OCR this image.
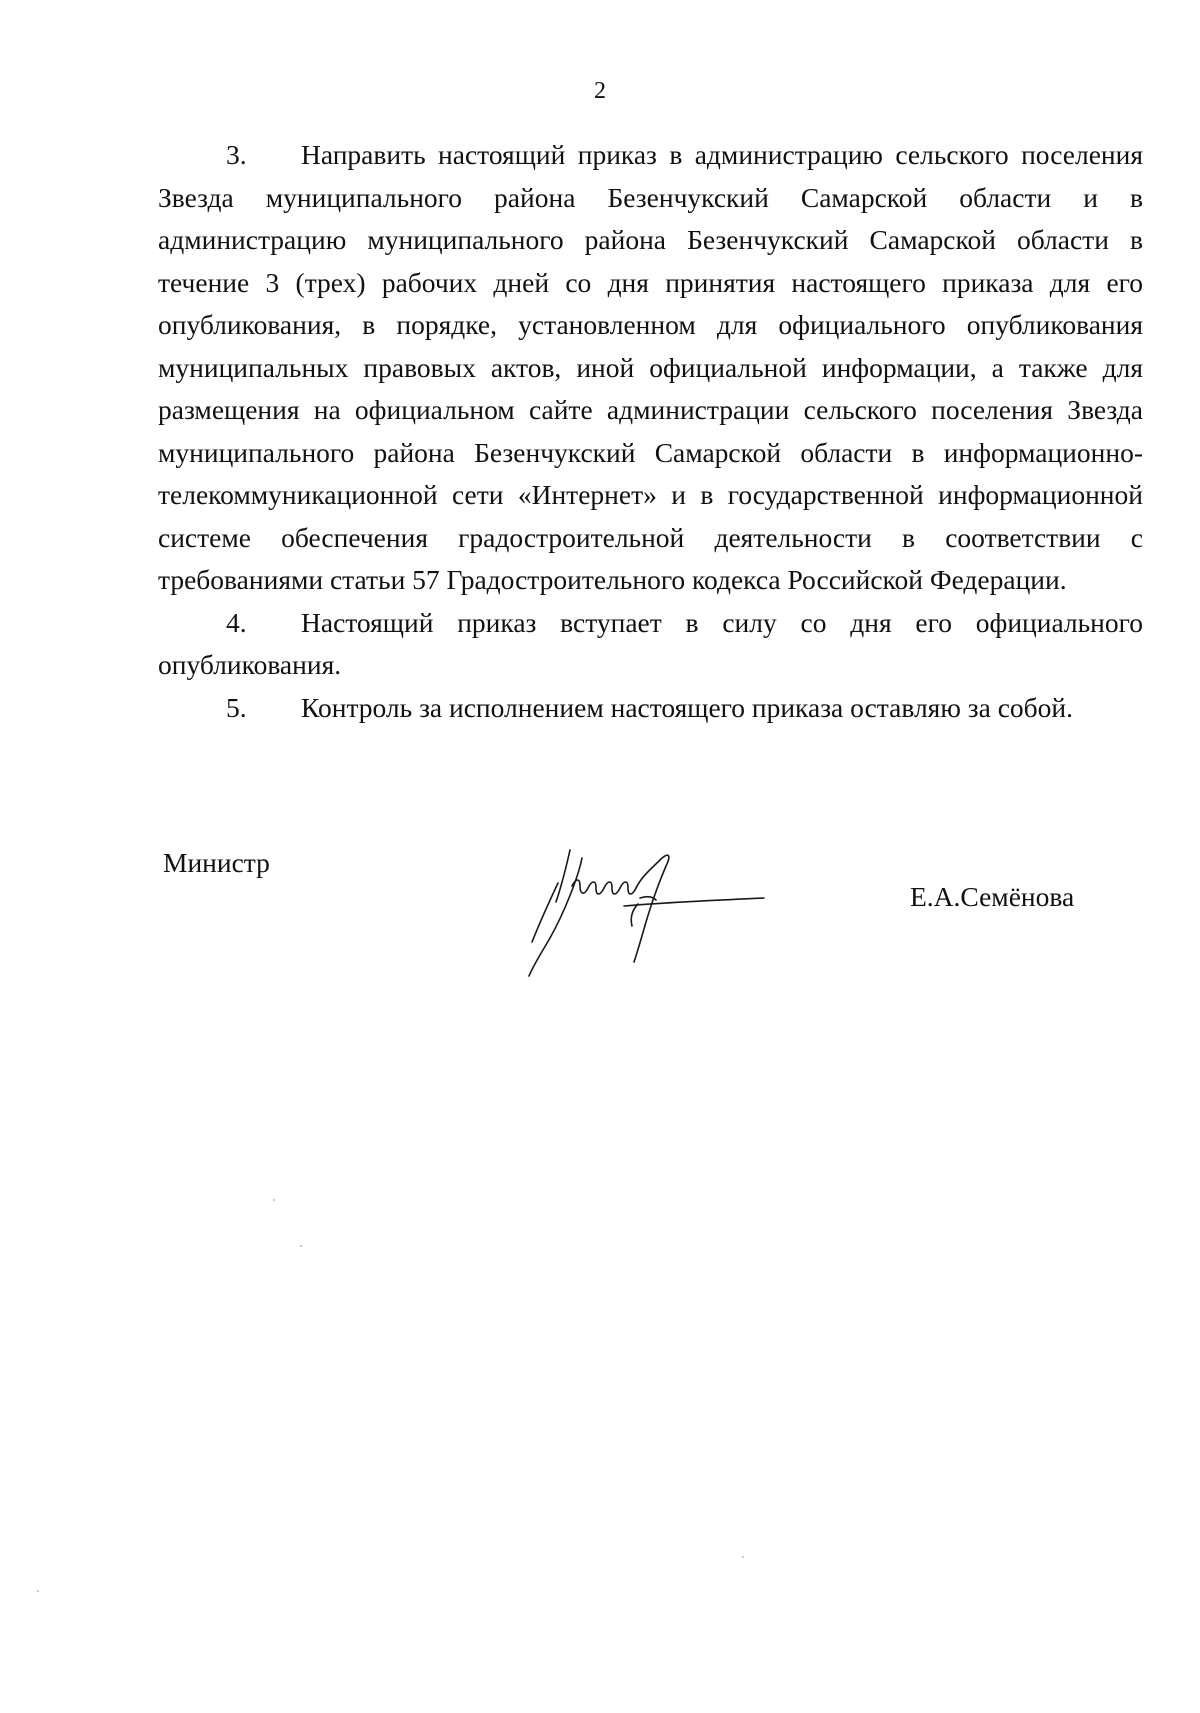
2

3. Направить настоящий приказ в администрацию сельского поселения Звезда муниципального района Безенчукский Самарской области и в администрацию муниципального района Безенчукский Самарской области в течение 3 (трех) рабочих дней со дня принятия настоящего приказа для его опубликования, в порядке, установленном для официального опубликования муниципальных правовых актов, иной официальной информации, а также для размещения на официальном сайте администрации сельского поселения Звезда муниципального района Безенчукский Самарской области в информационно-телекоммуникационной сети «Интернет» и в государственной информационной системе обеспечения градостроительной деятельности в соответствии с требованиями статьи 57 Градостроительного кодекса Российской Федерации.

4. Настоящий приказ вступает в силу со дня его официального опубликования.

5. Контроль за исполнением настоящего приказа оставляю за собой.

Министр
Е.А.Семёнова
